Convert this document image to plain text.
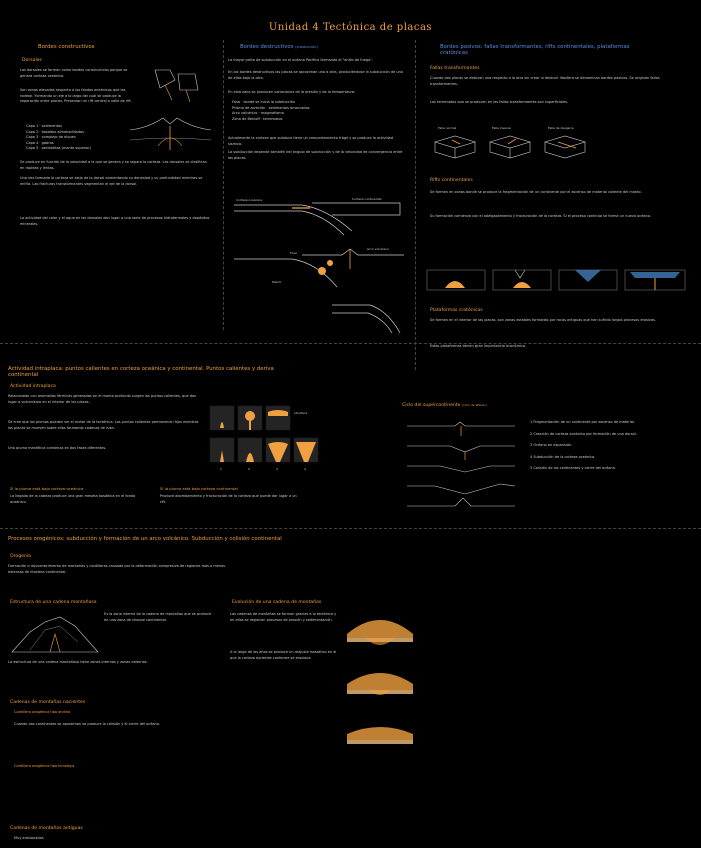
Unidad 4 Tectónica de placas
Bordes constructivos
Dorsales
Las dorsales se forman como bordes constructivos porque se genera corteza oceánica.
Son zonas elevadas respecto a los fondos oceánicos que las rodean. Formando un eje a lo largo del cual se produce la separación entre placas. Presentan un rift central o valle de rift.
Capa 1 · sedimentos
Capa 2 · basaltos almohadillados
Capa 3 · complejo de diques
Capa 4 · gabros
Capa 5 · peridotitas (manto superior)
Se produce en función de la velocidad a la que se genera y se separa la corteza. Las dorsales se clasifican en rápidas y lentas.
Una vez formada la corteza se aleja de la dorsal aumentando su densidad y su profundidad mientras se enfría. Las fracturas transformantes segmentan el eje de la dorsal.
La actividad del calor y el agua en las dorsales dan lugar a una serie de procesos hidrotermales y depósitos minerales.
Bordes destructivos (subducción)
La mayor parte de subducción en el océano Pacífico formando el "anillo de fuego".
En los bordes destructivos las placas se aproximan una a otra, produciéndose la subducción de una de ellas bajo la otra.
En esta zona se producen variaciones de la presión y de la temperatura:
Fosa · donde se inicia la subducción
Prisma de acreción · sedimentos arrancados
Arco volcánico · magmatismo
Zona de Benioff · terremotos
Actualmente la corteza que subduce tiene un comportamiento frágil y se produce la actividad sísmica.
La subducción depende también del ángulo de subducción y de la velocidad de convergencia entre las placas.
Corteza oceánica	Corteza continental
Arco volcánico
Fosa
Manto
Bordes pasivos: fallas transformantes, rifts continentales, plataformas cratónicas
Fallas transformantes
Cuando dos placas se deslizan una respecto a la otra sin crear ni destruir litosfera se denominan bordes pasivos. Se originan fallas transformantes.
Los terremotos que se producen en las fallas transformantes son superficiales.
Falla normal	Falla inversa	Falla de desgarre
Rifts continentales
Se forman en zonas donde se produce la fragmentación de un continente por el ascenso de material caliente del manto.
Su formación comienza con el adelgazamiento y fracturación de la corteza. Si el proceso continúa se forma un nuevo océano.
Plataformas cratónicas
Se forman en el interior de las placas, son zonas estables formadas por rocas antiguas que han sufrido largos procesos erosivos.
Estas plataformas tienen gran importancia económica.
Actividad intraplaca: puntos calientes en corteza oceánica y continental. Puntos calientes y deriva continental
Actividad intraplaca
Relacionado con anomalías térmicas generadas en el manto profundo surgen los puntos calientes, que dan lugar a volcanismo en el interior de las placas.
Se cree que los plumas pueden ser el motor de la tectónica. Los puntos calientes permanecen fijos mientras las placas se mueven sobre ellos formando cadenas de islas.
Una pluma mantélica comienza en dos fases diferentes.
Litosfera
1	2	3	4
Si la pluma está bajo corteza oceánica
La llegada de la cabeza produce una gran meseta basáltica en el fondo oceánico.
Si la pluma está bajo corteza continental
Produce abombamiento y fracturación de la corteza que puede dar lugar a un rift.
Ciclo del supercontinente (ciclo de Wilson)
1 Fragmentación de un continente por ascenso de material.
2 Creación de corteza oceánica por formación de una dorsal.
3 Océano en expansión.
4 Subducción de la corteza oceánica.
5 Colisión de los continentes y cierre del océano.
Procesos orogénicos: subducción y formación de un arco volcánico. Subducción y colisión continental
Orogenia
Formación o rejuvenecimiento de montañas y cordilleras causado por la deformación compresiva de regiones más o menos extensas de litosfera continental.
Estructura de una cadena montañosa
Es la zona interna de la cadena de montañas que se produce en una zona de choque continental.
La estructura de una cadena montañosa tiene zonas internas y zonas externas.
Cadenas de montañas nacientes
Cordillera orogénica tipo andina
Cuando dos continentes se aproximan se produce la colisión y el cierre del océano.
Cordillera orogénica tipo himalaya
Cadenas de montañas antiguas
Muy erosionadas
Evolución de una cadena de montañas
Las cadenas de montañas se forman gracias a la tectónica y en ellas se registran procesos de erosión y sedimentación.
A lo largo de los años se produce un reajuste isostático en el que la corteza asciende conforme se erosiona.
